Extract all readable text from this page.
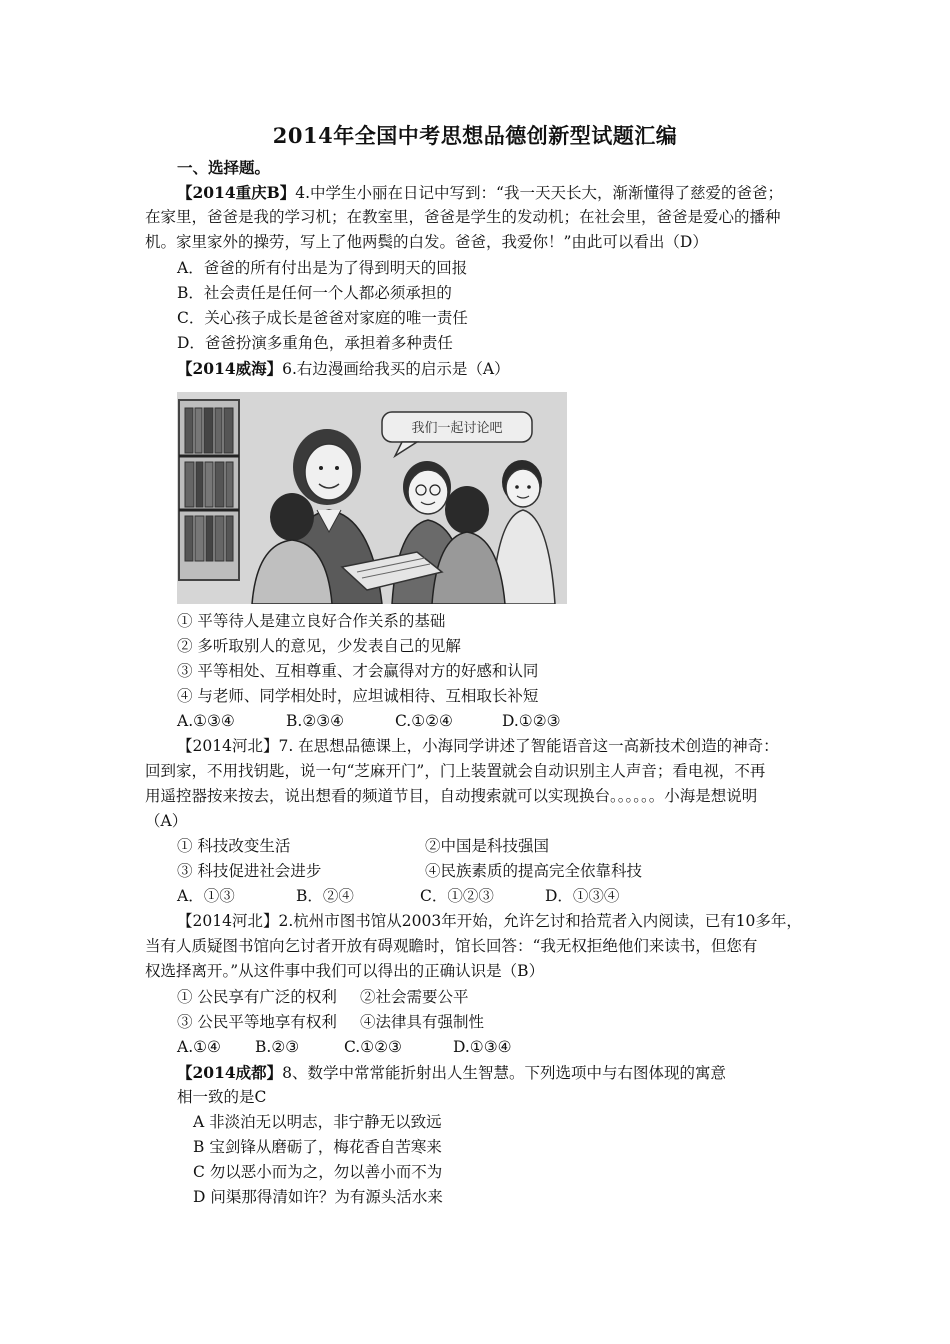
2014年全国中考思想品德创新型试题汇编
一、选择题。
【2014重庆B】4.中学生小丽在日记中写到：“我一天天长大，渐渐懂得了慈爱的爸爸；
在家里，爸爸是我的学习机；在教室里，爸爸是学生的发动机；在社会里，爸爸是爱心的播种
机。家里家外的操劳，写上了他两鬓的白发。爸爸，我爱你！”由此可以看出（D）
A．爸爸的所有付出是为了得到明天的回报
B．社会责任是任何一个人都必须承担的
C．关心孩子成长是爸爸对家庭的唯一责任
D．爸爸扮演多重角色，承担着多种责任
【2014威海】6.右边漫画给我买的启示是（A）
我们一起讨论吧
① 平等待人是建立良好合作关系的基础
② 多听取别人的意见，少发表自己的见解
③ 平等相处、互相尊重、才会赢得对方的好感和认同
④ 与老师、同学相处时，应坦诚相待、互相取长补短
A.①③④	B.②③④	C.①②④	D.①②③
【2014河北】7. 在思想品德课上，小海同学讲述了智能语音这一高新技术创造的神奇：
回到家，不用找钥匙，说一句“芝麻开门”，门上装置就会自动识别主人声音；看电视，不再
用遥控器按来按去，说出想看的频道节目，自动搜索就可以实现换台。。。。。。小海是想说明
（A）
① 科技改变生活	②中国是科技强国
③ 科技促进社会进步	④民族素质的提高完全依靠科技
A．①③	B．②④	C．①②③	D．①③④
【2014河北】2.杭州市图书馆从2003年开始，允许乞讨和拾荒者入内阅读，已有10多年，
当有人质疑图书馆向乞讨者开放有碍观瞻时，馆长回答：“我无权拒绝他们来读书，但您有
权选择离开。”从这件事中我们可以得出的正确认识是（B）
① 公民享有广泛的权利 ②社会需要公平
③ 公民平等地享有权利 ④法律具有强制性
A.①④ B.②③	C.①②③	D.①③④
【2014成都】8、数学中常常能折射出人生智慧。下列选项中与右图体现的寓意
相一致的是C
A 非淡泊无以明志，非宁静无以致远
B 宝剑锋从磨砺了，梅花香自苦寒来
C 勿以恶小而为之，勿以善小而不为
D 问渠那得清如许？为有源头活水来
